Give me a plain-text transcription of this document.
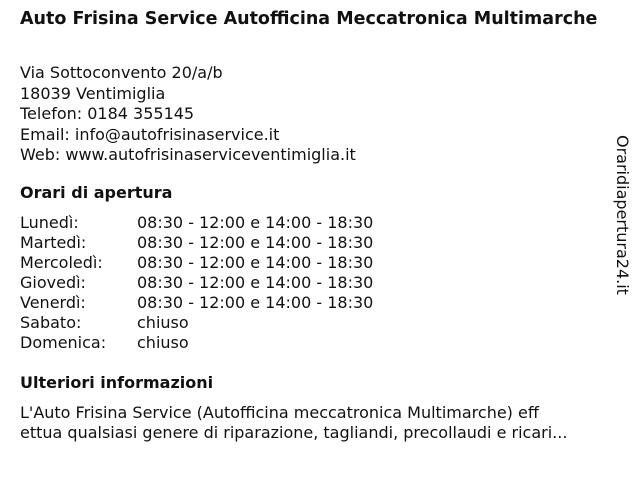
Auto Frisina Service Autofficina Meccatronica Multimarche
Via Sottoconvento 20/a/b
18039 Ventimiglia
Telefon: 0184 355145
Email: info@autofrisinaservice.it
Web: www.autofrisinaserviceventimiglia.it
Orari di apertura
Lunedì:	08:30 - 12:00 e 14:00 - 18:30
Martedì:	08:30 - 12:00 e 14:00 - 18:30
Mercoledì: 08:30 - 12:00 e 14:00 - 18:30
Giovedì:	08:30 - 12:00 e 14:00 - 18:30
Venerdì:	08:30 - 12:00 e 14:00 - 18:30
Sabato:	chiuso
Domenica: chiuso
Ulteriori informazioni
L'Auto Frisina Service (Autofficina meccatronica Multimarche) eff
ettua qualsiasi genere di riparazione, tagliandi, precollaudi e ricari...
Oraridiapertura24.it
